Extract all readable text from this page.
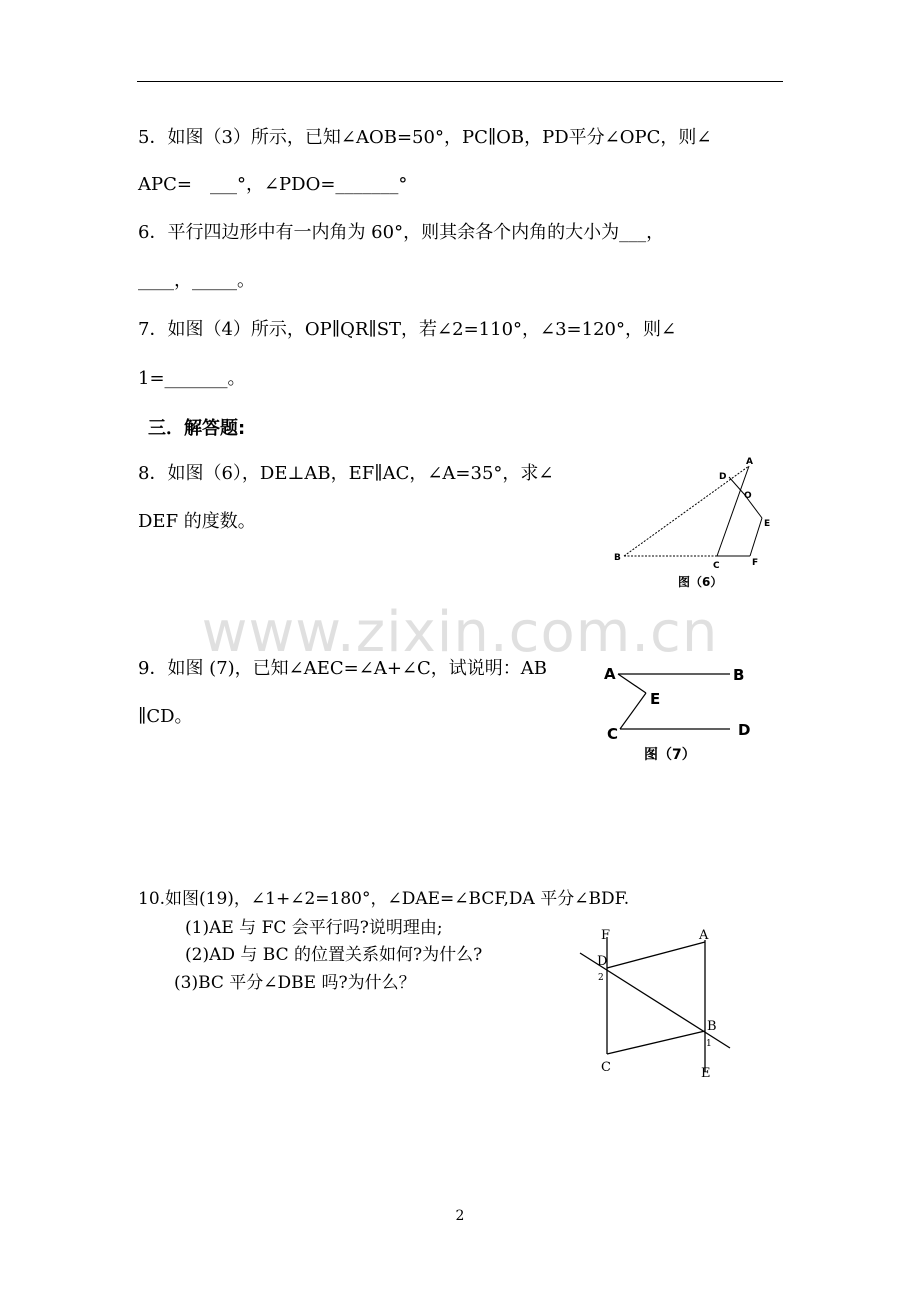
5．如图（3）所示，已知∠AOB=50°，PC∥OB，PD平分∠OPC，则∠
APC=　___°，∠PDO=_______°
6．平行四边形中有一内角为 60°，则其余各个内角的大小为___，
____，_____。
7．如图（4）所示，OP∥QR∥ST，若∠2=110°，∠3=120°，则∠
1=_______。
三．解答题:
8．如图（6），DE⊥AB，EF∥AC，∠A=35°，求∠
DEF 的度数。
A
D
O
E
B
C	F
图（6）
www.zixin.com.cn
9．如图 (7)，已知∠AEC=∠A+∠C，试说明：AB
∥CD。
A	B
E
C	D
图（7）
10.如图(19)，∠1+∠2=180°，∠DAE=∠BCF,DA 平分∠BDF.
(1)AE 与 FC 会平行吗?说明理由;
(2)AD 与 BC 的位置关系如何?为什么?
(3)BC 平分∠DBE 吗?为什么？
F	A
D
2
B
1
C	E
2
